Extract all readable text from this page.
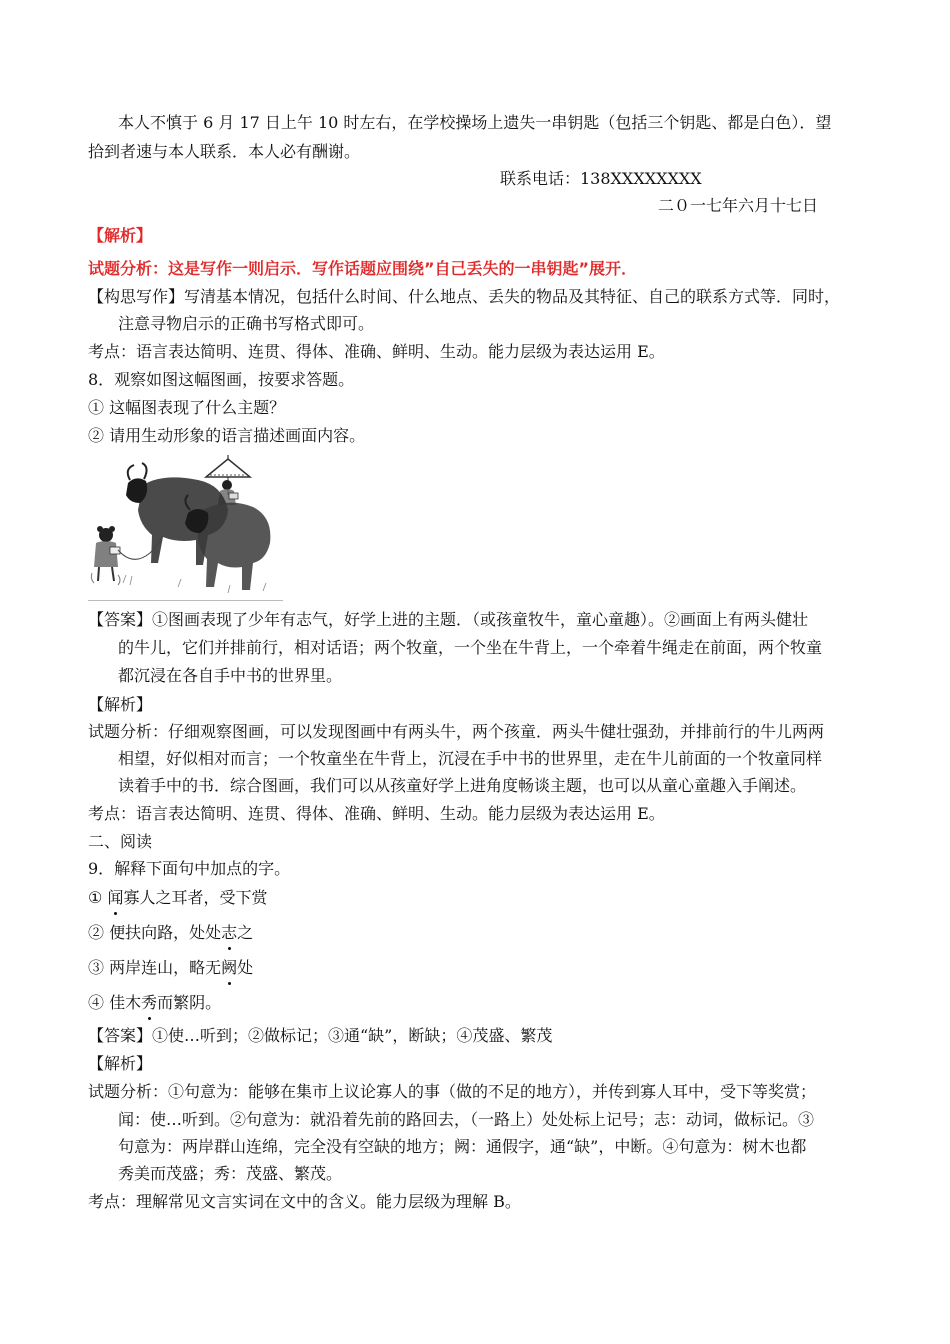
本人不慎于 6 月 17 日上午 10 时左右，在学校操场上遗失一串钥匙（包括三个钥匙、都是白色）．望
拾到者速与本人联系．本人必有酬谢。
联系电话：138XXXXXXXX
二０一七年六月十七日
【解析】
试题分析：这是写作一则启示．写作话题应围绕”自己丢失的一串钥匙”展开．
【构思写作】写清基本情况，包括什么时间、什么地点、丢失的物品及其特征、自己的联系方式等．同时，
注意寻物启示的正确书写格式即可。
考点：语言表达简明、连贯、得体、准确、鲜明、生动。能力层级为表达运用 E。
8．观察如图这幅图画，按要求答题。
① 这幅图表现了什么主题？
② 请用生动形象的语言描述画面内容。
【答案】①图画表现了少年有志气，好学上进的主题．（或孩童牧牛，童心童趣）。②画面上有两头健壮
的牛儿，它们并排前行，相对话语；两个牧童，一个坐在牛背上，一个牵着牛绳走在前面，两个牧童
都沉浸在各自手中书的世界里。
【解析】
试题分析：仔细观察图画，可以发现图画中有两头牛，两个孩童．两头牛健壮强劲，并排前行的牛儿两两
相望，好似相对而言；一个牧童坐在牛背上，沉浸在手中书的世界里，走在牛儿前面的一个牧童同样
读着手中的书．综合图画，我们可以从孩童好学上进角度畅谈主题，也可以从童心童趣入手阐述。
考点：语言表达简明、连贯、得体、准确、鲜明、生动。能力层级为表达运用 E。
二、阅读
9．解释下面句中加点的字。
① 闻寡人之耳者，受下赏
② 便扶向路，处处志之
③ 两岸连山，略无阙处
④ 佳木秀而繁阴。
【答案】①使…听到；②做标记；③通“缺”，断缺；④茂盛、繁茂
【解析】
试题分析：①句意为：能够在集市上议论寡人的事（做的不足的地方），并传到寡人耳中，受下等奖赏；
闻：使…听到。②句意为：就沿着先前的路回去，（一路上）处处标上记号；志：动词，做标记。③
句意为：两岸群山连绵，完全没有空缺的地方；阙：通假字，通“缺”，中断。④句意为：树木也都
秀美而茂盛；秀：茂盛、繁茂。
考点：理解常见文言实词在文中的含义。能力层级为理解 B。
